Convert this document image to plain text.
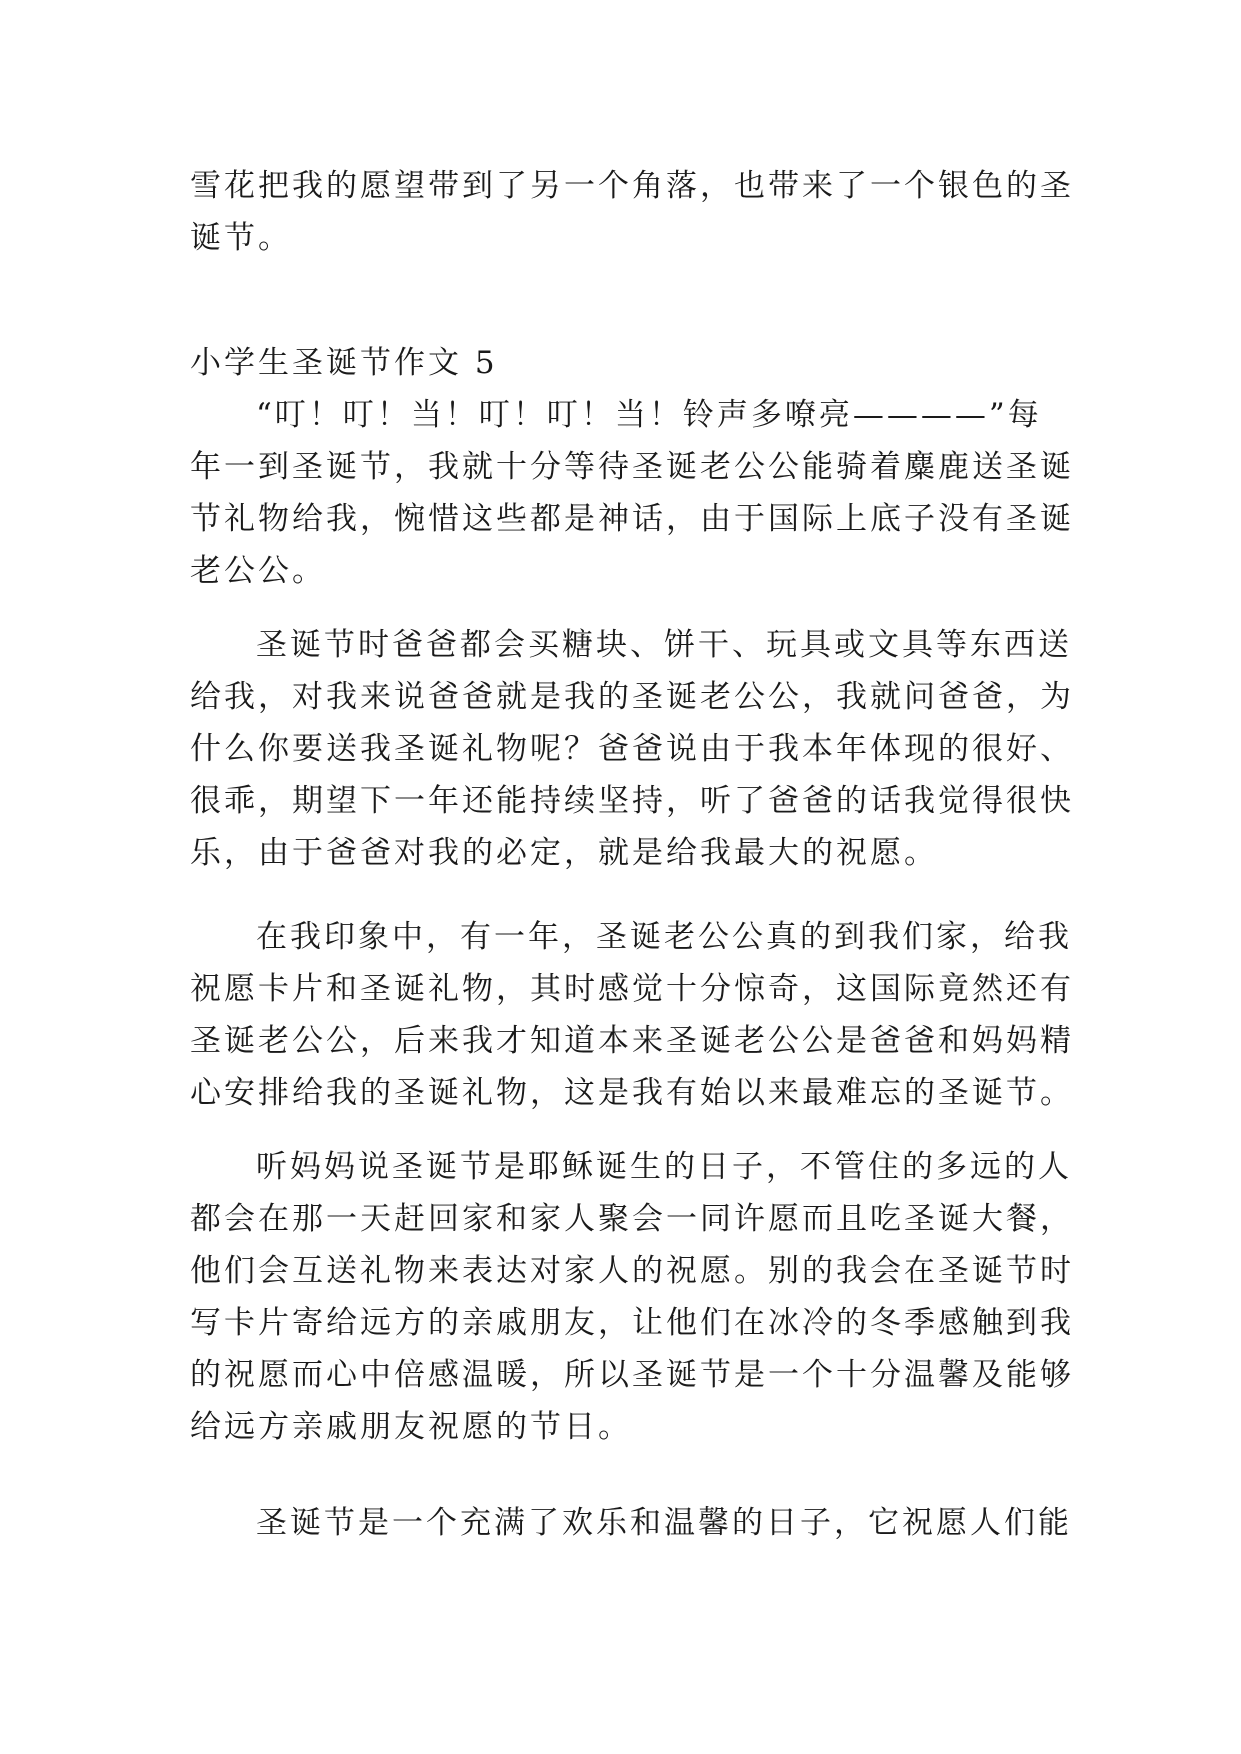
雪花把我的愿望带到了另一个角落，也带来了一个银色的圣
诞节。
小学生圣诞节作文 5
“叮！叮！当！叮！叮！当！铃声多嘹亮————”每
年一到圣诞节，我就十分等待圣诞老公公能骑着麋鹿送圣诞
节礼物给我，惋惜这些都是神话，由于国际上底子没有圣诞
老公公。
圣诞节时爸爸都会买糖块、饼干、玩具或文具等东西送
给我，对我来说爸爸就是我的圣诞老公公，我就问爸爸，为
什么你要送我圣诞礼物呢？爸爸说由于我本年体现的很好、
很乖，期望下一年还能持续坚持，听了爸爸的话我觉得很快
乐，由于爸爸对我的必定，就是给我最大的祝愿。
在我印象中，有一年，圣诞老公公真的到我们家，给我
祝愿卡片和圣诞礼物，其时感觉十分惊奇，这国际竟然还有
圣诞老公公，后来我才知道本来圣诞老公公是爸爸和妈妈精
心安排给我的圣诞礼物，这是我有始以来最难忘的圣诞节。
听妈妈说圣诞节是耶稣诞生的日子，不管住的多远的人
都会在那一天赶回家和家人聚会一同许愿而且吃圣诞大餐，
他们会互送礼物来表达对家人的祝愿。别的我会在圣诞节时
写卡片寄给远方的亲戚朋友，让他们在冰冷的冬季感触到我
的祝愿而心中倍感温暖，所以圣诞节是一个十分温馨及能够
给远方亲戚朋友祝愿的节日。
圣诞节是一个充满了欢乐和温馨的日子，它祝愿人们能
